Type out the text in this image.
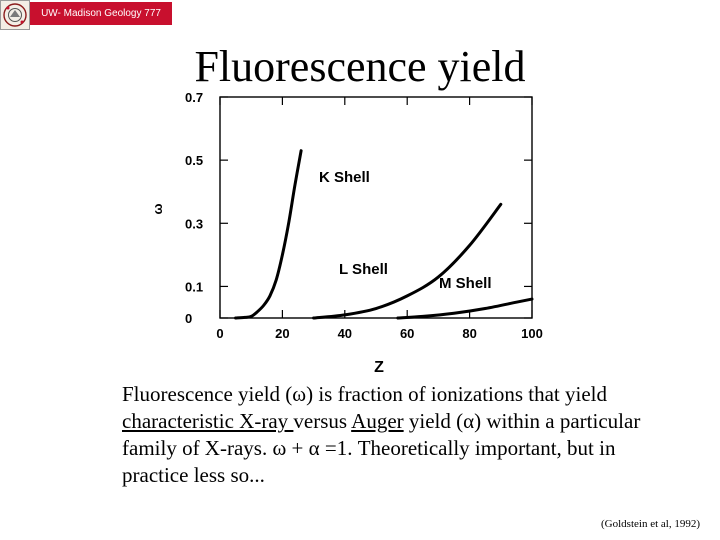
UW- Madison Geology 777
Fluorescence yield
0
0.1
0.3
0.5
0.7
0	20	40	60	80	100
K Shell
L Shell
M Shell
ω
Z
Fluorescence yield (ω) is fraction of ionizations that yield characteristic X-ray versus Auger yield (α) within a particular family of X-rays. ω + α =1. Theoretically important, but in practice less so...
(Goldstein et al, 1992)
